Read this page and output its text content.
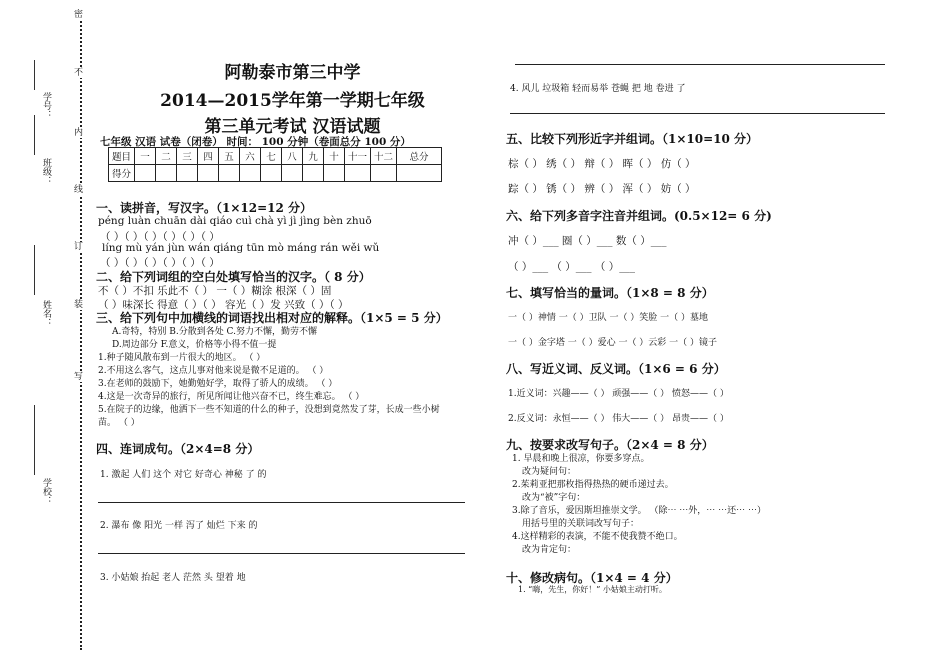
密
不
内
线
订
装
写
学号：
班级：
姓名：
学校：
阿勒泰市第三中学
2014—2015学年第一学期七年级
第三单元考试 汉语试题
七年级 汉语 试卷（闭卷） 时间： 100 分钟（卷面总分 100 分）
题目	一	二	三	四	五	六	七	八	九	十	十一	十二	总分
得分													
一、读拼音，写汉字。（1×12=12 分）
péng luàn chuān dài qiáo cuì chà yì jì jìng bèn zhuō
（ ）（ ）（ ）（ ）（ ）（ ）
líng mù yán jùn wán qiáng tūn mò máng rán wěi wǔ
（ ）（ ）（ ）（ ）（ ）（ ）
二、给下列词组的空白处填写恰当的汉字。（ 8 分）
不（ ）不扣 乐此不（ ） 一（ ）糊涂 根深（ ）固
（ ）味深长 得意（ ）（ ） 容光（ ）发 兴致（ ）（ ）
三、给下列句中加横线的词语找出相对应的解释。（1×5 = 5 分）
A.奇特，特别 B.分散到各处 C.努力不懈，勤劳不懈
D.周边部分 F.意义，价格等小得不值一提
1.种子随风散布到一片很大的地区。 （ ）
2.不用这么客气，这点儿事对他来说是微不足道的。 （ ）
3.在老师的鼓励下，她勤勉好学，取得了骄人的成绩。 （ ）
4.这是一次奇异的旅行，所见所闻让他兴奋不已，终生难忘。 （ ）
5.在院子的边缘，他洒下一些不知道的什么的种子，没想到竟然发了芽，长成一些小树
苗。 （ ）
四、连词成句。（2×4=8 分）
1. 激起 人们 这个 对它 好奇心 神秘 了 的
2. 瀑布 像 阳光 一样 泻了 灿烂 下来 的
3. 小姑娘 抬起 老人 茫然 头 望着 地
4. 风儿 垃圾箱 轻而易举 苍蝇 把 地 卷进 了
五、比较下列形近字并组词。（1×10=10 分）
棕（ ） 绣（ ） 辩（ ） 晖（ ） 仿（ ）
踪（ ） 锈（ ） 辨（ ） 浑（ ） 妨（ ）
六、给下列多音字注音并组词。(0.5×12= 6 分)
冲（ ）___ 圈（ ）___ 数（ ）___
（ ）___ （ ）___ （ ）___
七、填写恰当的量词。（1×8 = 8 分）
一（ ）神情 一（ ）卫队 一（ ）笑脸 一（ ）墓地
一（ ）金字塔 一（ ）爱心 一（ ）云彩 一（ ）镜子
八、写近义词、反义词。（1×6 = 6 分）
1.近义词：兴趣——（ ） 顽强——（ ） 愤怒——（ ）
2.反义词：永恒——（ ） 伟大——（ ） 昂贵——（ ）
九、按要求改写句子。（2×4 = 8 分）
1. 早晨和晚上很凉，你要多穿点。
改为疑问句：
2.茱莉亚把那枚指得热热的硬币递过去。
改为“被”字句：
3.除了音乐，爱因斯坦推崇文学。 （除⋯ ⋯外，⋯ ⋯还⋯ ⋯）
用括号里的关联词改写句子：
4.这样精彩的表演，不能不使我赞不绝口。
改为肯定句：
十、修改病句。（1×4 = 4 分）
1. “嗨，先生，你好！” 小姑娘主动打听。
